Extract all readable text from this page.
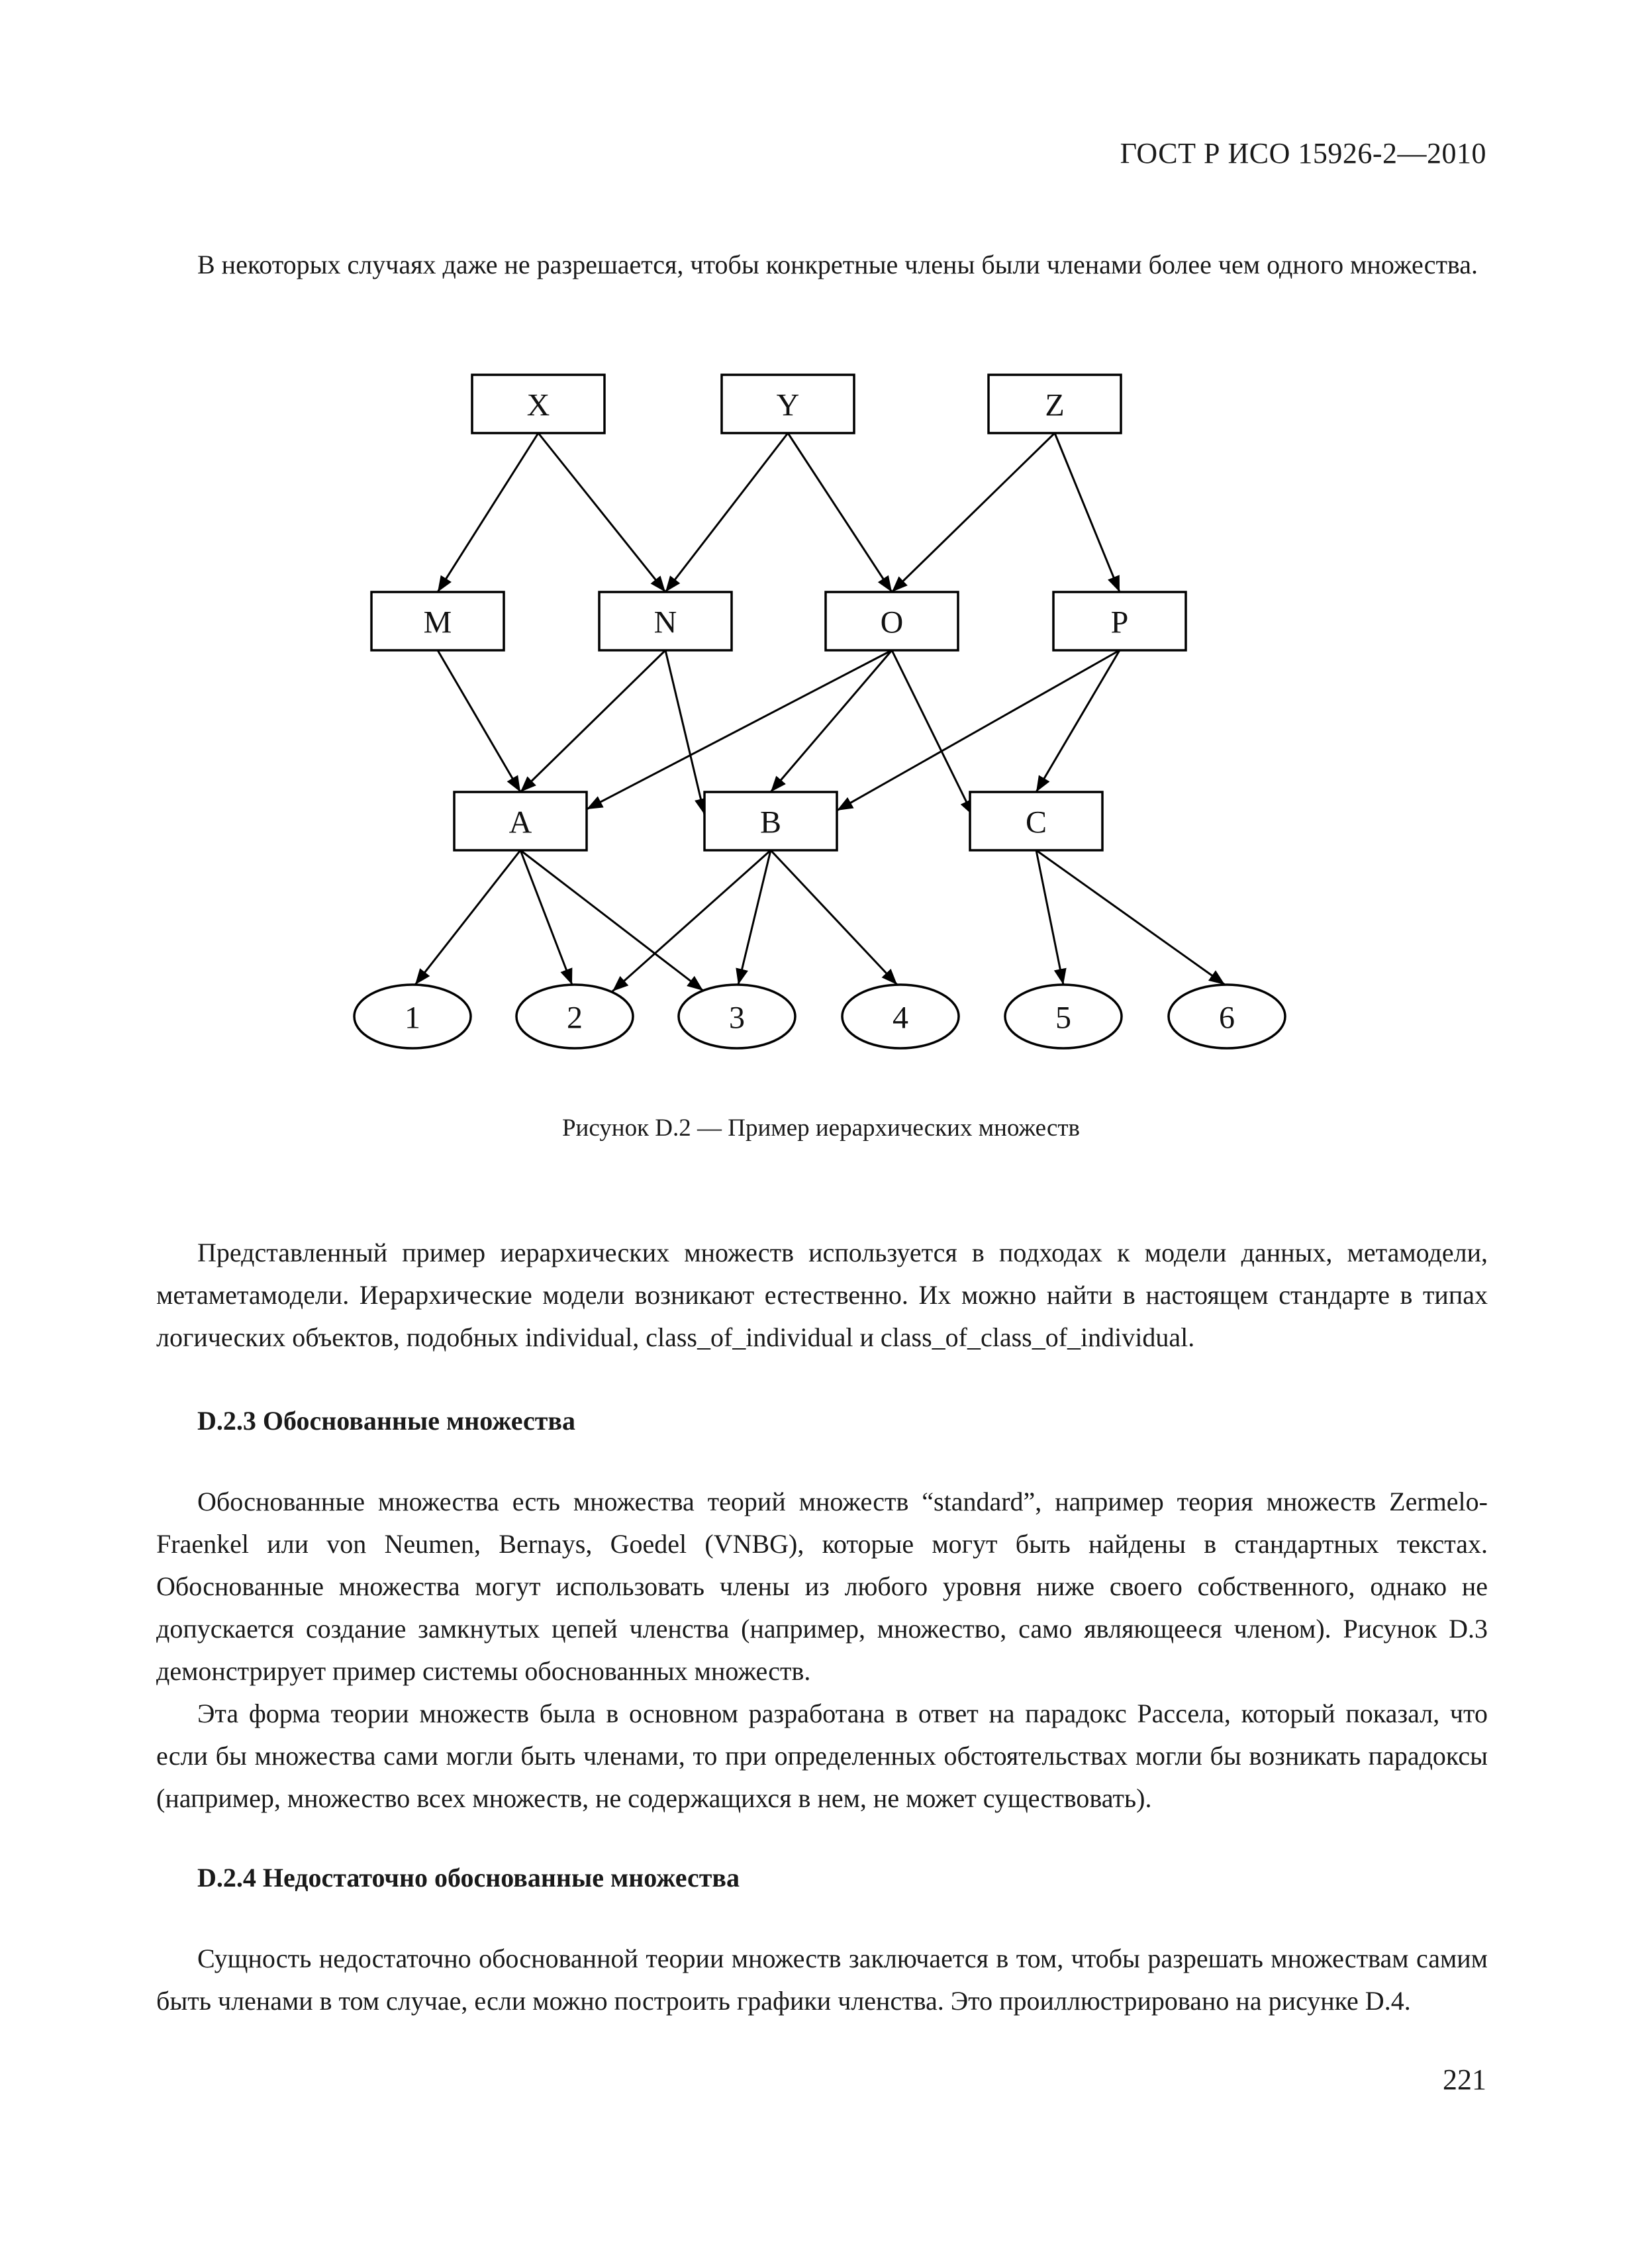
ГОСТ Р ИСО 15926-2—2010

В некоторых случаях даже не разрешается, чтобы конкретные члены были членами более чем одного множества.

X	Y	Z
M	N	O	P
A	B	C
1	2	3	4	5	6
Рисунок D.2 — Пример иерархических множеств

Представленный пример иерархических множеств используется в подходах к модели данных, метамодели, метаметамодели. Иерархические модели возникают естественно. Их можно найти в настоящем стандарте в типах логических объектов, подобных individual, class_of_individual и class_of_class_of_individual.

D.2.3 Обоснованные множества

Обоснованные множества есть множества теорий множеств “standard”, например теория множеств Zermelo-Fraenkel или von Neumen, Bernays, Goedel (VNBG), которые могут быть найдены в стандартных текстах. Обоснованные множества могут использовать члены из любого уровня ниже своего собственного, однако не допускается создание замкнутых цепей членства (например, множество, само являющееся членом). Рисунок D.3 демонстрирует пример системы обоснованных множеств.

Эта форма теории множеств была в основном разработана в ответ на парадокс Рассела, который показал, что если бы множества сами могли быть членами, то при определенных обстоятельствах могли бы возникать парадоксы (например, множество всех множеств, не содержащихся в нем, не может существовать).

D.2.4 Недостаточно обоснованные множества

Сущность недостаточно обоснованной теории множеств заключается в том, чтобы разрешать множествам самим быть членами в том случае, если можно построить графики членства. Это проиллюстрировано на рисунке D.4.

221
